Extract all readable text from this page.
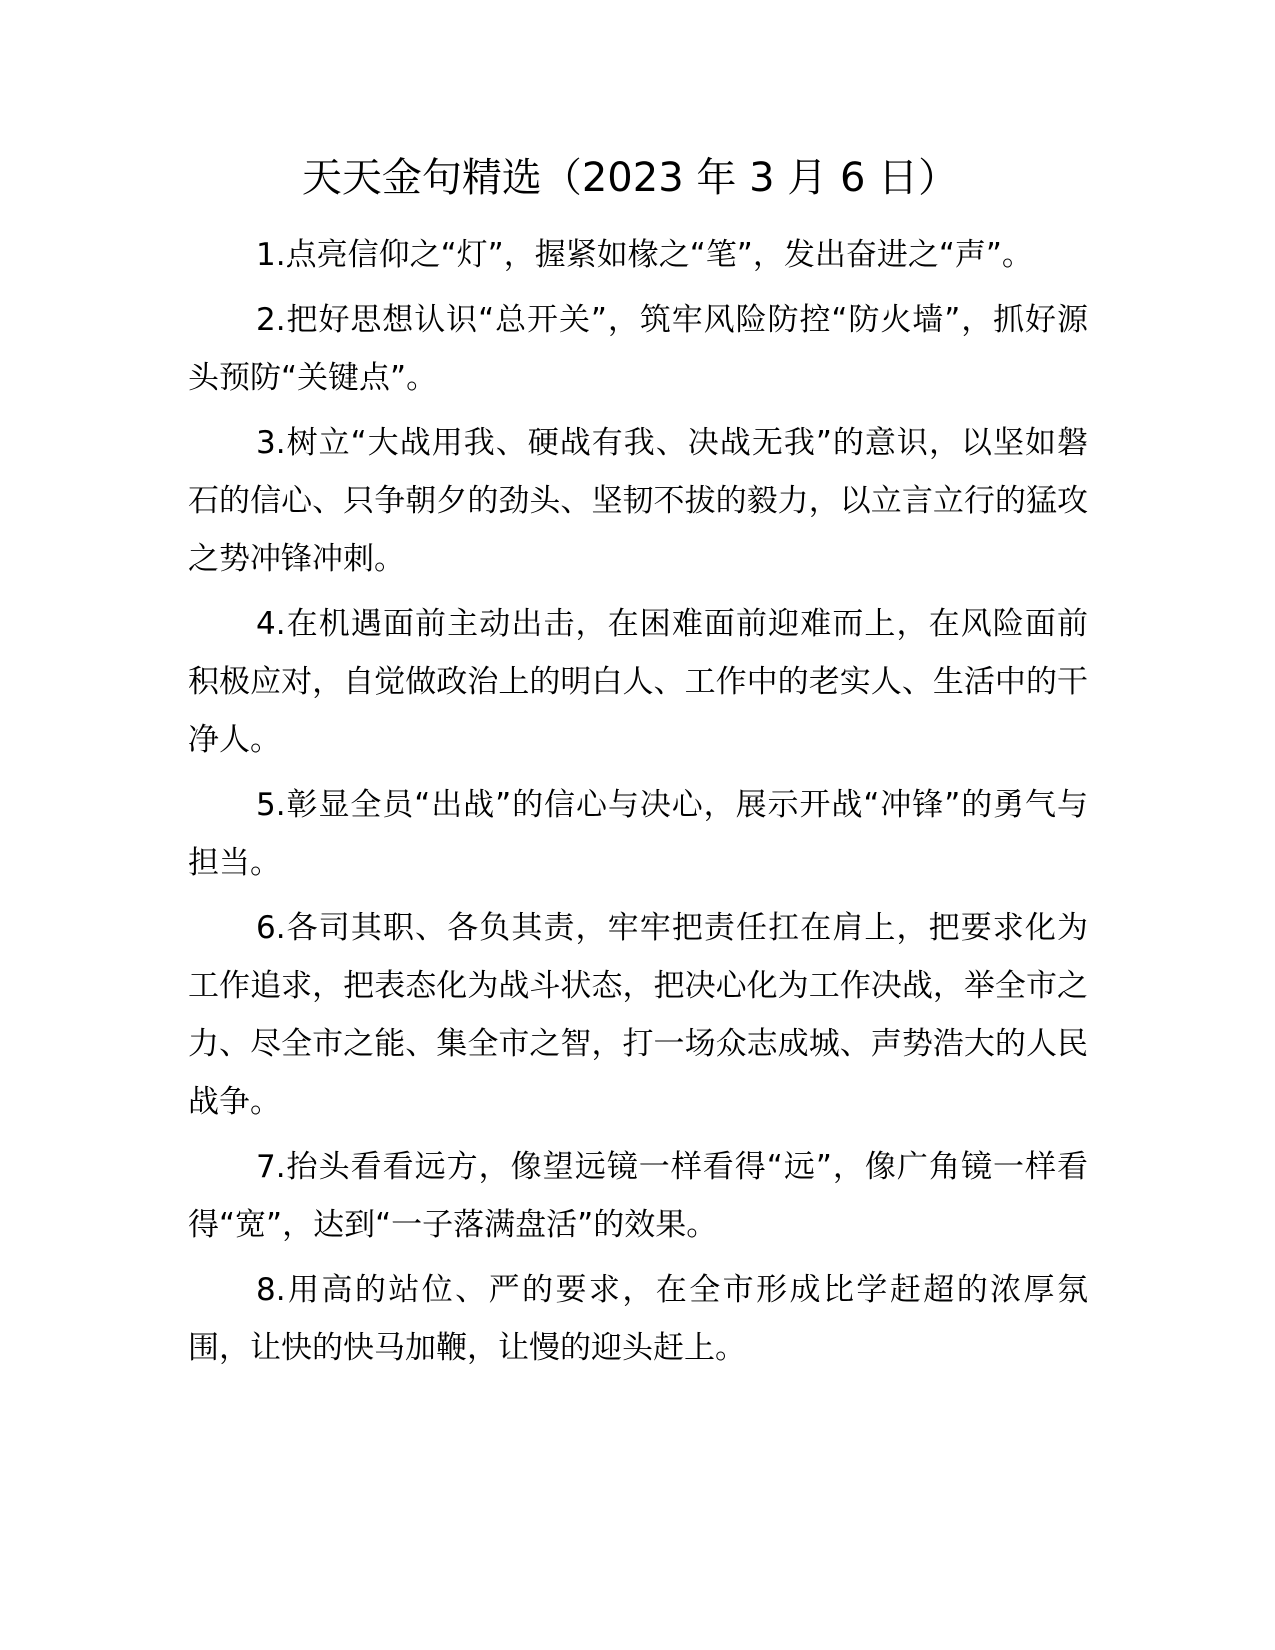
天天金句精选（2023 年 3 月 6 日）

1.点亮信仰之“灯”，握紧如椽之“笔”，发出奋进之“声”。

2.把好思想认识“总开关”，筑牢风险防控“防火墙”，抓好源头预防“关键点”。

3.树立“大战用我、硬战有我、决战无我”的意识，以坚如磐石的信心、只争朝夕的劲头、坚韧不拔的毅力，以立言立行的猛攻之势冲锋冲刺。

4.在机遇面前主动出击，在困难面前迎难而上，在风险面前积极应对，自觉做政治上的明白人、工作中的老实人、生活中的干净人。

5.彰显全员“出战”的信心与决心，展示开战“冲锋”的勇气与担当。

6.各司其职、各负其责，牢牢把责任扛在肩上，把要求化为工作追求，把表态化为战斗状态，把决心化为工作决战，举全市之力、尽全市之能、集全市之智，打一场众志成城、声势浩大的人民战争。

7.抬头看看远方，像望远镜一样看得“远”，像广角镜一样看得“宽”，达到“一子落满盘活”的效果。

8.用高的站位、严的要求，在全市形成比学赶超的浓厚氛围，让快的快马加鞭，让慢的迎头赶上。
